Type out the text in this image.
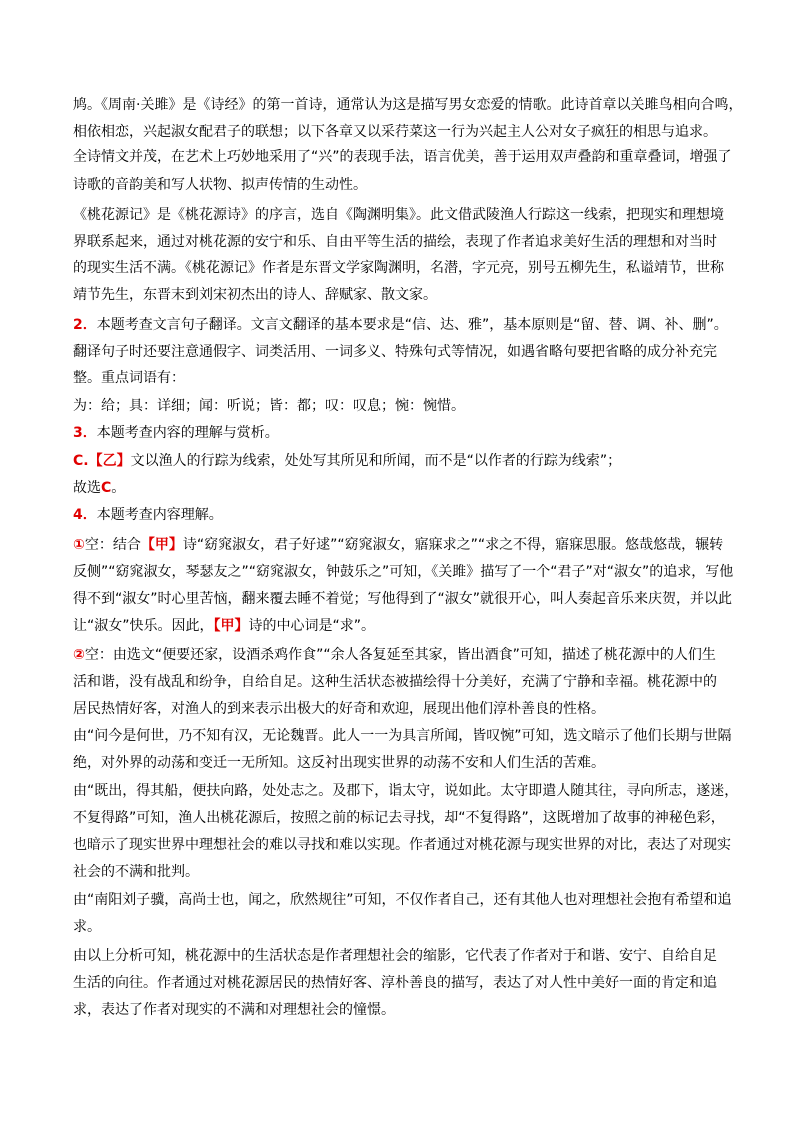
鸠。《周南·关雎》是《诗经》的第一首诗，通常认为这是描写男女恋爱的情歌。此诗首章以关雎鸟相向合鸣，
相依相恋，兴起淑女配君子的联想；以下各章又以采荇菜这一行为兴起主人公对女子疯狂的相思与追求。
全诗情文并茂，在艺术上巧妙地采用了“兴”的表现手法，语言优美，善于运用双声叠韵和重章叠词，增强了
诗歌的音韵美和写人状物、拟声传情的生动性。
《桃花源记》是《桃花源诗》的序言，选自《陶渊明集》。此文借武陵渔人行踪这一线索，把现实和理想境
界联系起来，通过对桃花源的安宁和乐、自由平等生活的描绘，表现了作者追求美好生活的理想和对当时
的现实生活不满。《桃花源记》作者是东晋文学家陶渊明，名潜，字元亮，别号五柳先生，私谥靖节，世称
靖节先生，东晋末到刘宋初杰出的诗人、辞赋家、散文家。
2．本题考查文言句子翻译。文言文翻译的基本要求是“信、达、雅”，基本原则是“留、替、调、补、删”。
翻译句子时还要注意通假字、词类活用、一词多义、特殊句式等情况，如遇省略句要把省略的成分补充完
整。重点词语有：
为：给；具：详细；闻：听说；皆：都；叹：叹息；惋：惋惜。
3．本题考查内容的理解与赏析。
C.【乙】文以渔人的行踪为线索，处处写其所见和所闻，而不是“以作者的行踪为线索”；
故选C。
4．本题考查内容理解。
①空：结合【甲】诗“窈窕淑女，君子好逑”“窈窕淑女，寤寐求之”“求之不得，寤寐思服。悠哉悠哉，辗转
反侧”“窈窕淑女，琴瑟友之”“窈窕淑女，钟鼓乐之”可知，《关雎》描写了一个“君子”对“淑女”的追求，写他
得不到“淑女”时心里苦恼，翻来覆去睡不着觉；写他得到了“淑女”就很开心，叫人奏起音乐来庆贺，并以此
让“淑女”快乐。因此，【甲】诗的中心词是“求”。
②空：由选文“便要还家，设酒杀鸡作食”“余人各复延至其家，皆出酒食”可知，描述了桃花源中的人们生
活和谐，没有战乱和纷争，自给自足。这种生活状态被描绘得十分美好，充满了宁静和幸福。桃花源中的
居民热情好客，对渔人的到来表示出极大的好奇和欢迎，展现出他们淳朴善良的性格。
由“问今是何世，乃不知有汉，无论魏晋。此人一一为具言所闻，皆叹惋”可知，选文暗示了他们长期与世隔
绝，对外界的动荡和变迁一无所知。这反衬出现实世界的动荡不安和人们生活的苦难。
由“既出，得其船，便扶向路，处处志之。及郡下，诣太守，说如此。太守即遣人随其往，寻向所志，遂迷，
不复得路”可知，渔人出桃花源后，按照之前的标记去寻找，却“不复得路”，这既增加了故事的神秘色彩，
也暗示了现实世界中理想社会的难以寻找和难以实现。作者通过对桃花源与现实世界的对比，表达了对现实
社会的不满和批判。
由“南阳刘子骥，高尚士也，闻之，欣然规往”可知，不仅作者自己，还有其他人也对理想社会抱有希望和追
求。
由以上分析可知，桃花源中的生活状态是作者理想社会的缩影，它代表了作者对于和谐、安宁、自给自足
生活的向往。作者通过对桃花源居民的热情好客、淳朴善良的描写，表达了对人性中美好一面的肯定和追
求，表达了作者对现实的不满和对理想社会的憧憬。
